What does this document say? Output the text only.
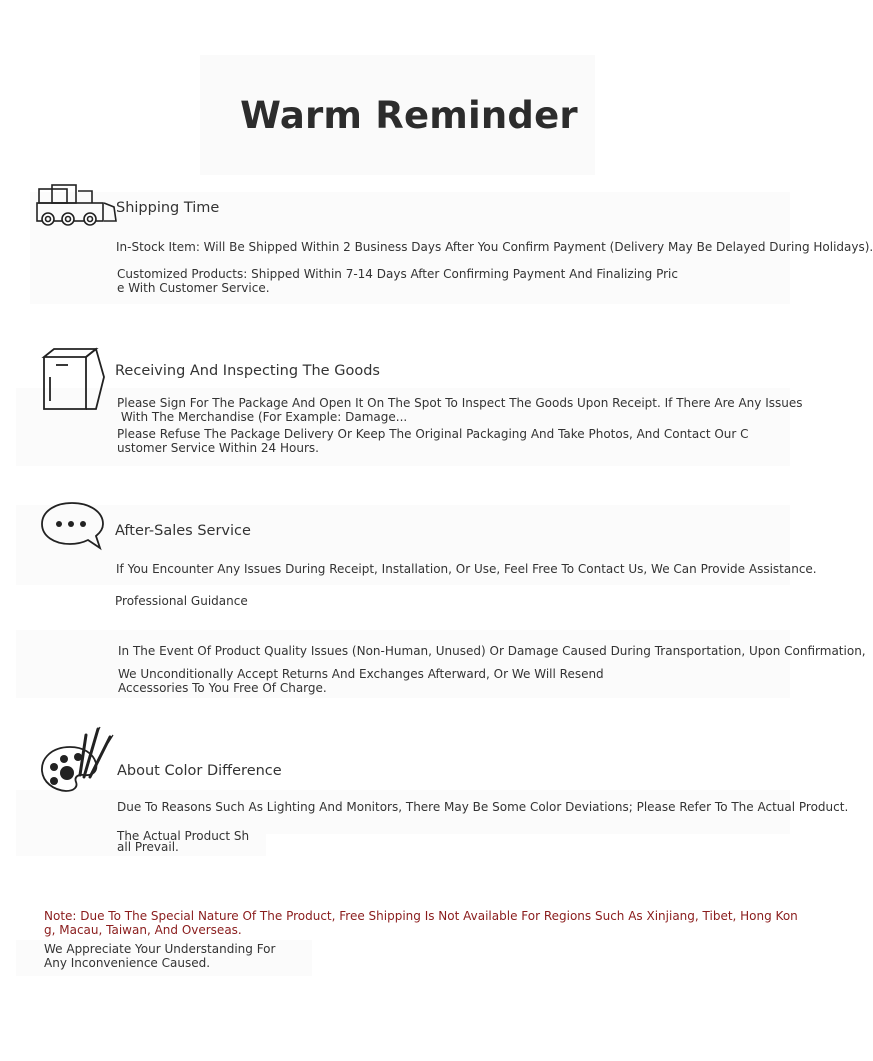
Warm Reminder
Shipping Time
In-Stock Item: Will Be Shipped Within 2 Business Days After You Confirm Payment (Delivery May Be Delayed During Holidays).
Customized Products: Shipped Within 7-14 Days After Confirming Payment And Finalizing Pric
e With Customer Service.
Receiving And Inspecting The Goods
Please Sign For The Package And Open It On The Spot To Inspect The Goods Upon Receipt. If There Are Any Issues
With The Merchandise (For Example: Damage...
Please Refuse The Package Delivery Or Keep The Original Packaging And Take Photos, And Contact Our C
ustomer Service Within 24 Hours.
After-Sales Service
If You Encounter Any Issues During Receipt, Installation, Or Use, Feel Free To Contact Us, We Can Provide Assistance.
Professional Guidance
In The Event Of Product Quality Issues (Non-Human, Unused) Or Damage Caused During Transportation, Upon Confirmation,
We Unconditionally Accept Returns And Exchanges Afterward, Or We Will Resend
Accessories To You Free Of Charge.
About Color Difference
Due To Reasons Such As Lighting And Monitors, There May Be Some Color Deviations; Please Refer To The Actual Product.
The Actual Product Sh
all Prevail.
Note: Due To The Special Nature Of The Product, Free Shipping Is Not Available For Regions Such As Xinjiang, Tibet, Hong Kon
g, Macau, Taiwan, And Overseas.
We Appreciate Your Understanding For
Any Inconvenience Caused.
